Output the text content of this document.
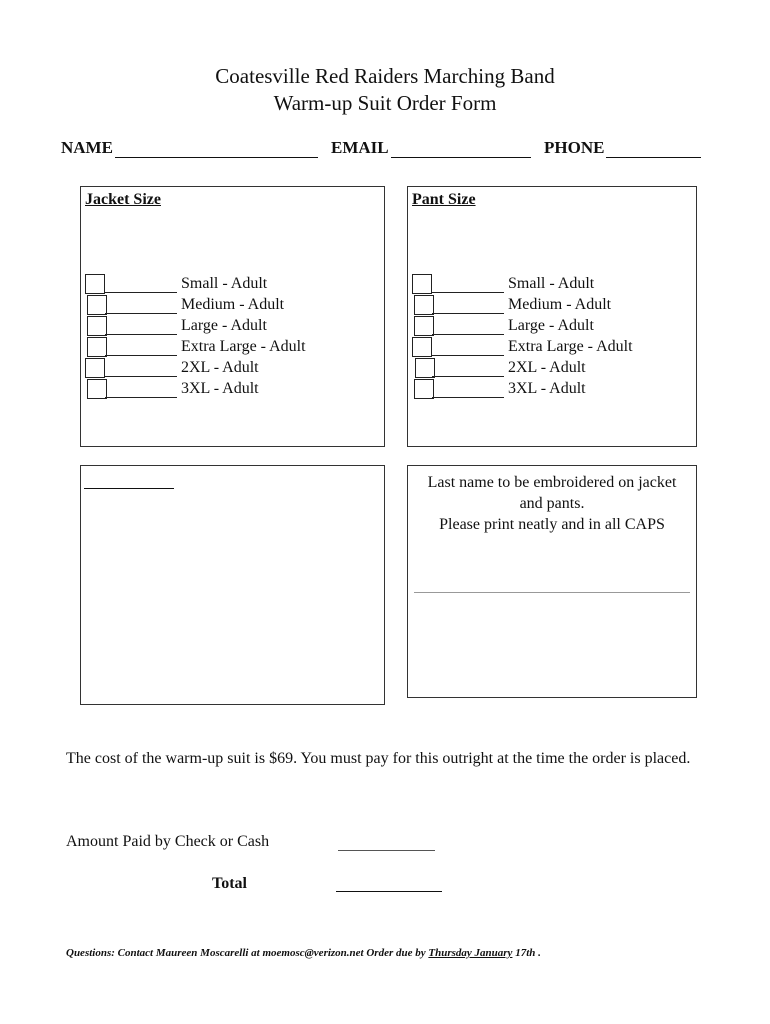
Coatesville Red Raiders Marching Band
Warm-up Suit Order Form
NAME	EMAIL	PHONE
Jacket Size
Small - Adult
Medium - Adult
Large - Adult
Extra Large - Adult
2XL - Adult
3XL - Adult
Pant Size
Small - Adult
Medium - Adult
Large - Adult
Extra Large - Adult
2XL - Adult
3XL - Adult
Last name to be embroidered on jacket
and pants.
Please print neatly and in all CAPS
The cost of the warm-up suit is $69. You must pay for this outright at the time the order is placed.
Amount Paid by Check or Cash
Total
Questions: Contact Maureen Moscarelli at moemosc@verizon.net Order due by Thursday January 17th .
